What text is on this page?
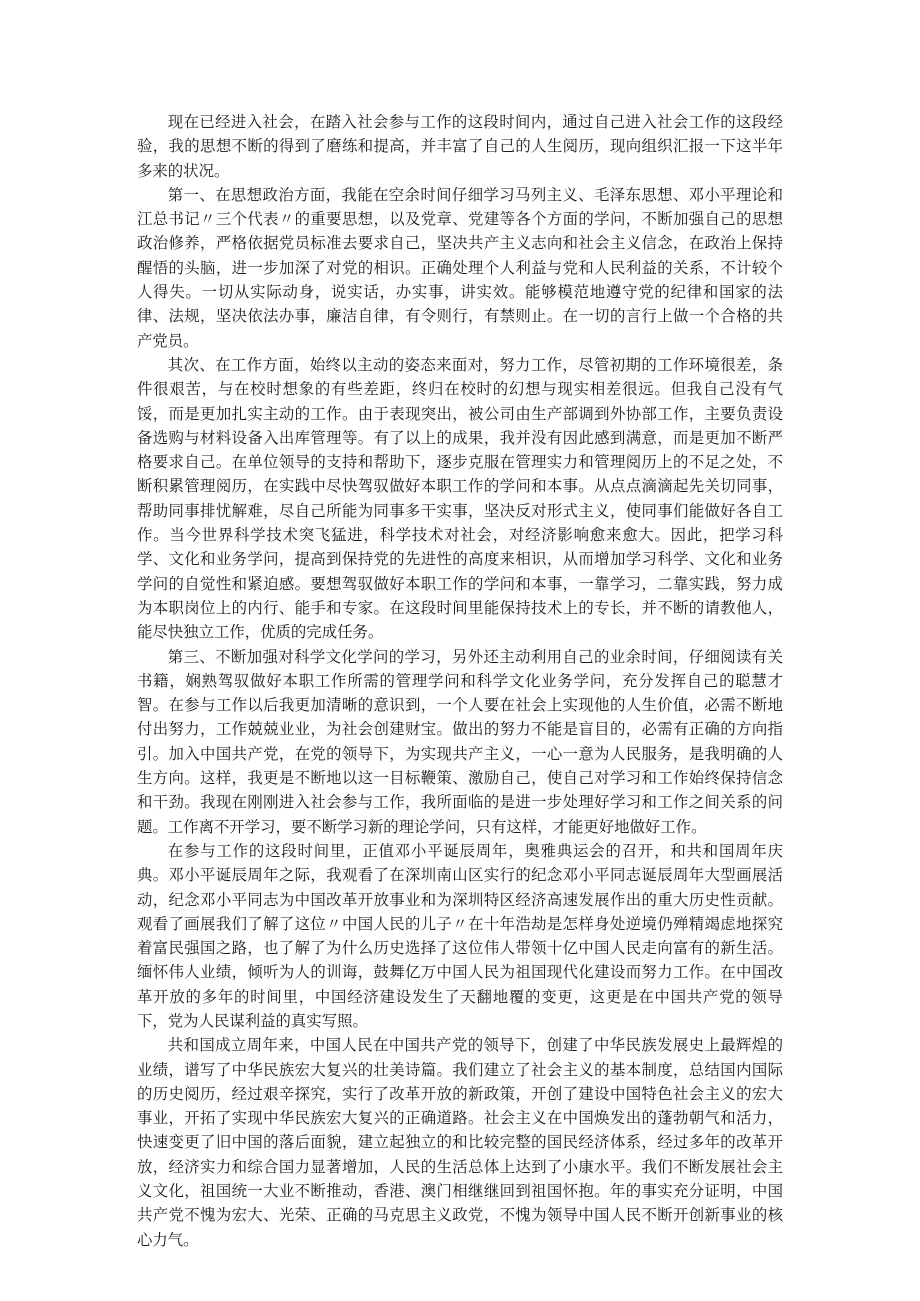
现在已经进入社会，在踏入社会参与工作的这段时间内，通过自己进入社会工作的这段经验，我的思想不断的得到了磨练和提高，并丰富了自己的人生阅历，现向组织汇报一下这半年多来的状况。

第一、在思想政治方面，我能在空余时间仔细学习马列主义、毛泽东思想、邓小平理论和江总书记〃三个代表〃的重要思想，以及党章、党建等各个方面的学问，不断加强自己的思想政治修养，严格依据党员标准去要求自己，坚决共产主义志向和社会主义信念，在政治上保持醒悟的头脑，进一步加深了对党的相识。正确处理个人利益与党和人民利益的关系，不计较个人得失。一切从实际动身，说实话，办实事，讲实效。能够模范地遵守党的纪律和国家的法律、法规，坚决依法办事，廉洁自律，有令则行，有禁则止。在一切的言行上做一个合格的共产党员。

其次、在工作方面，始终以主动的姿态来面对，努力工作，尽管初期的工作环境很差，条件很艰苦，与在校时想象的有些差距，终归在校时的幻想与现实相差很远。但我自己没有气馁，而是更加扎实主动的工作。由于表现突出，被公司由生产部调到外协部工作，主要负责设备选购与材料设备入出库管理等。有了以上的成果，我并没有因此感到满意，而是更加不断严格要求自己。在单位领导的支持和帮助下，逐步克服在管理实力和管理阅历上的不足之处，不断积累管理阅历，在实践中尽快驾驭做好本职工作的学问和本事。从点点滴滴起先关切同事，帮助同事排忧解难，尽自己所能为同事多干实事，坚决反对形式主义，使同事们能做好各自工作。当今世界科学技术突飞猛进，科学技术对社会，对经济影响愈来愈大。因此，把学习科学、文化和业务学问，提高到保持党的先进性的高度来相识，从而增加学习科学、文化和业务学问的自觉性和紧迫感。要想驾驭做好本职工作的学问和本事，一靠学习，二靠实践，努力成为本职岗位上的内行、能手和专家。在这段时间里能保持技术上的专长，并不断的请教他人，能尽快独立工作，优质的完成任务。

第三、不断加强对科学文化学问的学习，另外还主动利用自己的业余时间，仔细阅读有关书籍，娴熟驾驭做好本职工作所需的管理学问和科学文化业务学问，充分发挥自己的聪慧才智。在参与工作以后我更加清晰的意识到，一个人要在社会上实现他的人生价值，必需不断地付出努力，工作兢兢业业，为社会创建财宝。做出的努力不能是盲目的，必需有正确的方向指引。加入中国共产党，在党的领导下，为实现共产主义，一心一意为人民服务，是我明确的人生方向。这样，我更是不断地以这一目标鞭策、激励自己，使自己对学习和工作始终保持信念和干劲。我现在刚刚进入社会参与工作，我所面临的是进一步处理好学习和工作之间关系的问题。工作离不开学习，要不断学习新的理论学问，只有这样，才能更好地做好工作。

在参与工作的这段时间里，正值邓小平诞辰周年，奥雅典运会的召开，和共和国周年庆典。邓小平诞辰周年之际，我观看了在深圳南山区实行的纪念邓小平同志诞辰周年大型画展活动，纪念邓小平同志为中国改革开放事业和为深圳特区经济高速发展作出的重大历史性贡献。观看了画展我们了解了这位〃中国人民的儿子〃在十年浩劫是怎样身处逆境仍殚精竭虑地探究着富民强国之路，也了解了为什么历史选择了这位伟人带领十亿中国人民走向富有的新生活。缅怀伟人业绩，倾听为人的训诲，鼓舞亿万中国人民为祖国现代化建设而努力工作。在中国改革开放的多年的时间里，中国经济建设发生了天翻地覆的变更，这更是在中国共产党的领导下，党为人民谋利益的真实写照。

共和国成立周年来，中国人民在中国共产党的领导下，创建了中华民族发展史上最辉煌的业绩，谱写了中华民族宏大复兴的壮美诗篇。我们建立了社会主义的基本制度，总结国内国际的历史阅历，经过艰辛探究，实行了改革开放的新政策，开创了建设中国特色社会主义的宏大事业，开拓了实现中华民族宏大复兴的正确道路。社会主义在中国焕发出的蓬勃朝气和活力，快速变更了旧中国的落后面貌，建立起独立的和比较完整的国民经济体系，经过多年的改革开放，经济实力和综合国力显著增加，人民的生活总体上达到了小康水平。我们不断发展社会主义文化，祖国统一大业不断推动，香港、澳门相继继回到祖国怀抱。年的事实充分证明，中国共产党不愧为宏大、光荣、正确的马克思主义政党，不愧为领导中国人民不断开创新事业的核心力气。
